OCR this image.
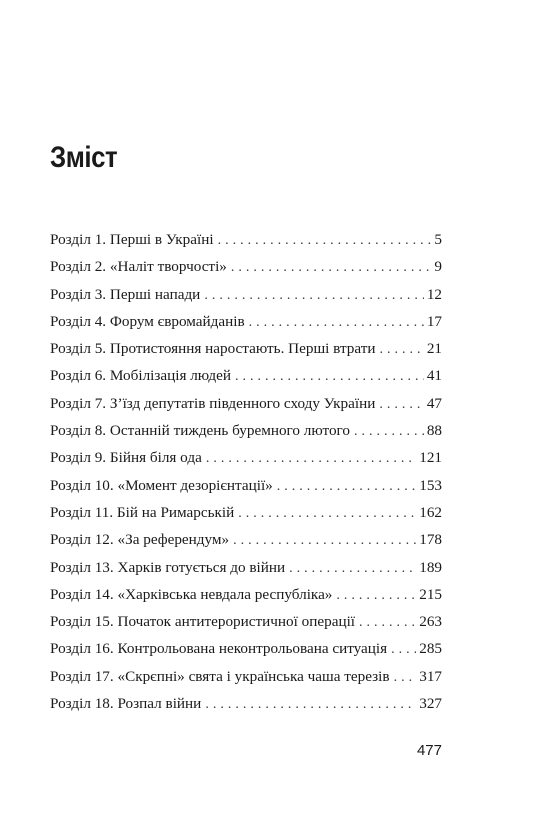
Зміст
Розділ 1. Перші в Україні . . .	5
Розділ 2. «Наліт творчості» . . .	9
Розділ 3. Перші напади . . .	12
Розділ 4. Форум євромайданів . . .	17
Розділ 5. Протистояння наростають. Перші втрати . . .	21
Розділ 6. Мобілізація людей . . .	41
Розділ 7. З’їзд депутатів південного сходу України . . .	47
Розділ 8. Останній тиждень буремного лютого . . .	88
Розділ 9. Бійня біля ода . . .	121
Розділ 10. «Момент дезорієнтації» . . .	153
Розділ 11. Бій на Римарській . . .	162
Розділ 12. «За референдум» . . .	178
Розділ 13. Харків готується до війни . . .	189
Розділ 14. «Харківська невдала республіка» . . .	215
Розділ 15. Початок антитерористичної операції . . .	263
Розділ 16. Контрольована неконтрольована ситуація . . . 285
Розділ 17. «Скрєпні» свята і українська чаша терезів . . . 317
Розділ 18. Розпал війни . . .	327
477
